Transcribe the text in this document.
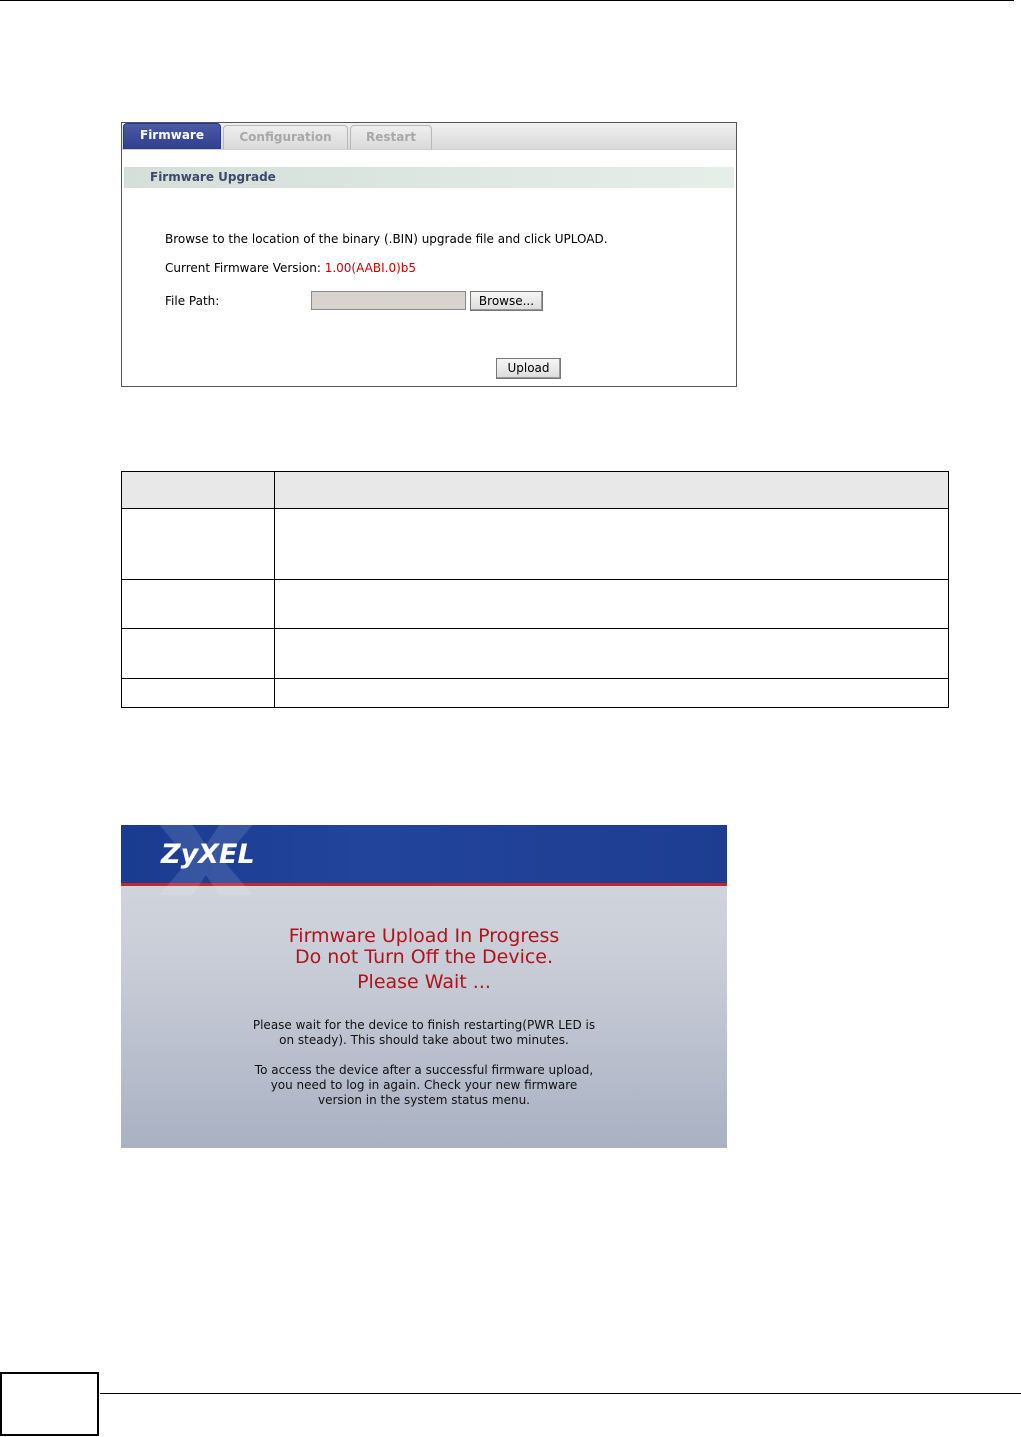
Firmware	Configuration	Restart
Firmware Upgrade
Browse to the location of the binary (.BIN) upgrade file and click UPLOAD.
Current Firmware Version: 1.00(AABI.0)b5
File Path:	Browse...
Upload

ZyXEL
Firmware Upload In Progress
Do not Turn Off the Device.
Please Wait ...
Please wait for the device to finish restarting(PWR LED is
on steady). This should take about two minutes.
To access the device after a successful firmware upload,
you need to log in again. Check your new firmware
version in the system status menu.
